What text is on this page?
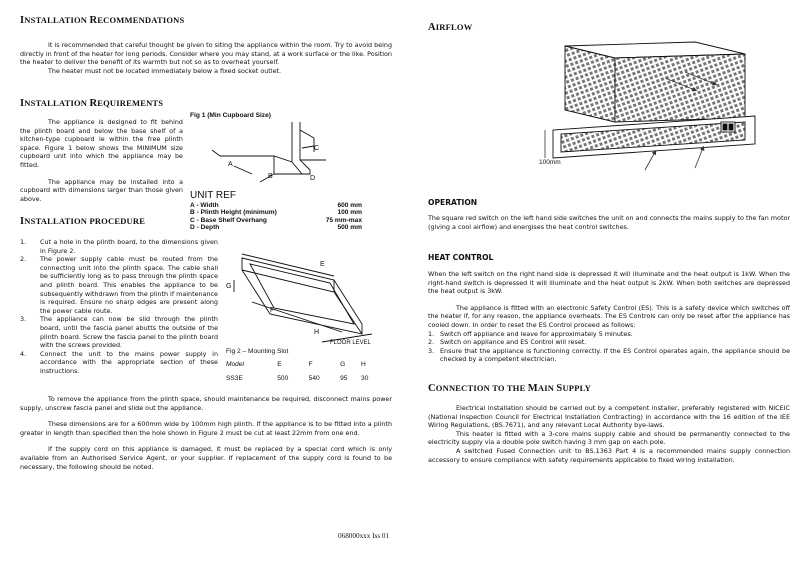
INSTALLATION RECOMMENDATIONS

It is recommended that careful thought be given to siting the appliance within the room. Try to avoid being directly in front of the heater for long periods. Consider where you may stand, at a work surface or the like. Position the heater to deliver the benefit of its warmth but not so as to overheat yourself.

The heater must not be located immediately below a fixed socket outlet.

INSTALLATION REQUIREMENTS

The appliance is designed to fit behind the plinth board and below the base shelf of a kitchen-type cupboard ie within the free plinth space. Figure 1 below shows the MINIMUM size cupboard unit into which the appliance may be fitted.

The appliance may be installed into a cupboard with dimensions larger than those given above.

INSTALLATION PROCEDURE
1. Cut a hole in the plinth board, to the dimensions given in Figure 2.
2. The power supply cable must be routed from the connecting unit into the plinth space. The cable shall be sufficiently long as to pass through the plinth space and plinth board. This enables the appliance to be subsequently withdrawn from the plinth if maintenance is required. Ensure no sharp edges are present along the power cable route.
3. The appliance can now be slid through the plinth board, until the fascia panel abutts the outside of the plinth board. Screw the fascia panel to the plinth board with the screws provided.
4. Connect the unit to the mains power supply in accordance with the appropriate section of these instructions.

To remove the appliance from the plinth space, should maintenance be required, disconnect mains power supply, unscrew fascia panel and slide out the appliance.

These dimensions are for a 600mm wide by 100mm high plinth. If the appliance is to be fitted into a plinth greater in length than specified then the hole shown in Figure 2 must be cut at least 22mm from one end.

If the supply cord on this appliance is damaged, it must be replaced by a special cord which is only available from an Authorised Service Agent, or your supplier. If replacement of the supply cord is found to be necessary, the following should be noted.

Fig 1 (Min Cupboard Size)
A
B
C
D
UNIT REF
A - Width	600 mm
B - Plinth Height (minimum)	100 mm
C - Base Shelf Overhang	75 mm-max
D - Depth	500 mm
E
G
F
H
FLOOR LEVEL
Fig 2 – Mounting Slot
Model	E	F	G	H
SS3E	500	540	95	30
AIRFLOW
100mm
OPERATION

The square red switch on the left hand side switches the unit on and connects the mains supply to the fan motor (giving a cool airflow) and energises the heat control switches.

HEAT CONTROL

When the left switch on the right hand side is depressed it will illuminate and the heat output is 1kW. When the right-hand switch is depressed it will illuminate and the heat output is 2kW. When both switches are depressed the heat output is 3kW.

The appliance is fitted with an electronic Safety Control (ES). This is a safety device which switches off the heater if, for any reason, the appliance overheats. The ES Controls can only be reset after the appliance has cooled down. In order to reset the ES Control proceed as follows:

1. Switch off appliance and leave for approximately 5 minutes.
2. Switch on appliance and ES Control will reset.
3. Ensure that the appliance is functioning correctly. If the ES Control operates again, the appliance should be checked by a competent electrician.
CONNECTION TO THE MAIN SUPPLY

Electrical installation should be carried out by a competent installer, preferably registered with NICEIC (National Inspection Council for Electrical Installation Contracting) in accordance with the 16 edition of the IEE Wiring Regulations, (BS.7671), and any relevant Local Authority bye-laws.

This heater is fitted with a 3-core mains supply cable and should be permanently connected to the electricity supply via a double pole switch having 3 mm gap on each pole.

A switched Fused Connection unit to BS.1363 Part 4 is a recommended mains supply connection accessory to ensure compliance with safety requirements applicable to fixed wiring installation.

068000xxx Iss 01
